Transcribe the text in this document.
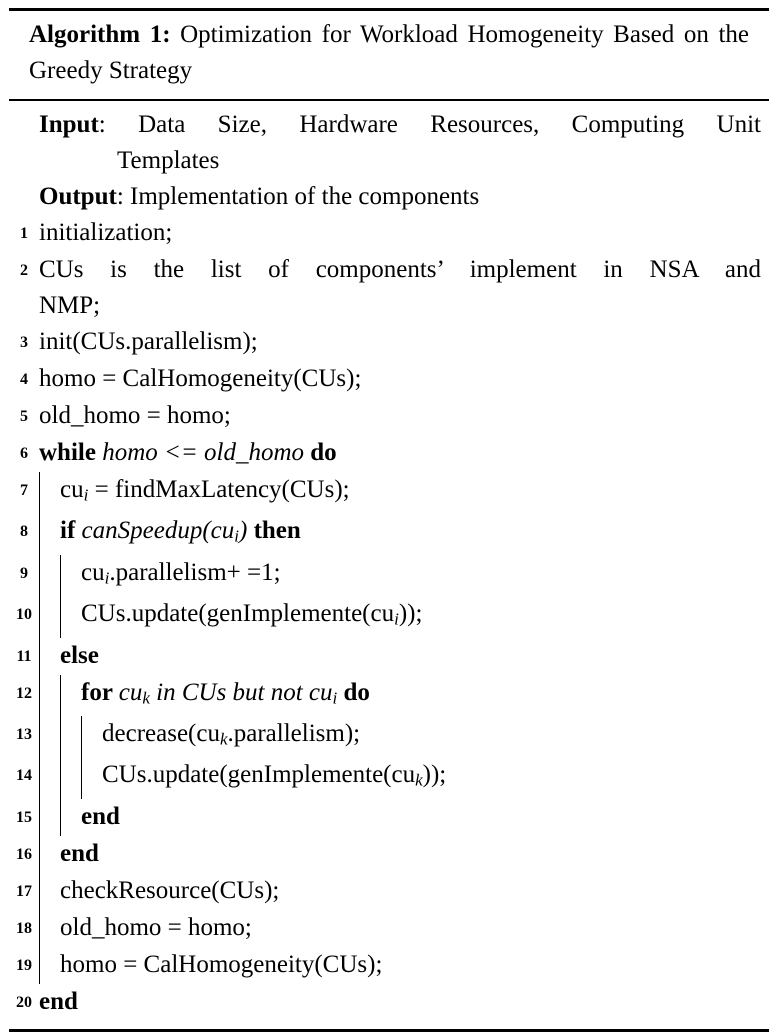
Algorithm 1: Optimization for Workload Homogeneity Based on the Greedy Strategy
Input: Data Size, Hardware Resources, Computing Unit
Templates
Output: Implementation of the components
1 initialization;
2 CUs is the list of components’ implement in NSA and
NMP;
3 init(CUs.parallelism);
4 homo = CalHomogeneity(CUs);
5 old_homo = homo;
6 while homo <= old_homo do
7	cui = findMaxLatency(CUs);
8	if canSpeedup(cui) then
9	cui.parallelism+ =1;
10 CUs.update(genImplemente(cui));
11 else
12 for cuk in CUs but not cui do
13	decrease(cuk.parallelism);
14	CUs.update(genImplemente(cuk));
15 end
16 end
17 checkResource(CUs);
18 old_homo = homo;
19 homo = CalHomogeneity(CUs);
20 end
